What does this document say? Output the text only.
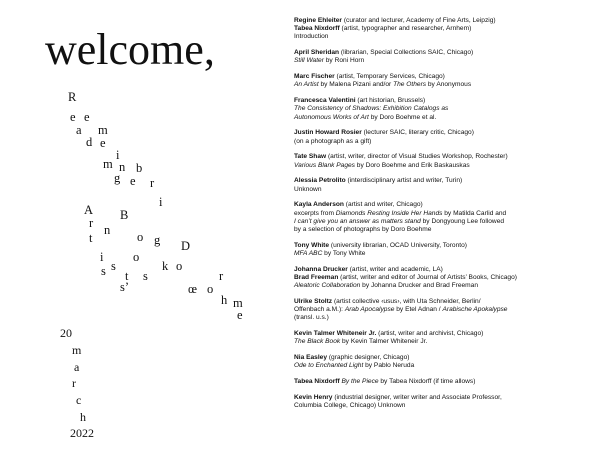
welcome,
R
e e
a m
d e
i
m n b
g e r
A
i
r
B
n
t	o g D
i o
s	k o
s t s	r
s’	o
œ
h m
e
20
m
a
r
c
h
2022
Regine Ehleiter (curator and lecturer, Academy of Fine Arts, Leipzig)
Tabea Nixdorff (artist, typographer and researcher, Arnhem)
Introduction
April Sheridan (librarian, Special Collections SAIC, Chicago)
Still Water by Roni Horn
Marc Fischer (artist, Temporary Services, Chicago)
An Artist by Malena Pizani and/or The Others by Anonymous
Francesca Valentini (art historian, Brussels)
The Consistency of Shadows: Exhibition Catalogs as
Autonomous Works of Art by Doro Boehme et al.
Justin Howard Rosier (lecturer SAIC, literary critic, Chicago)
(on a photograph as a gift)
Tate Shaw (artist, writer, director of Visual Studies Workshop, Rochester)
Various Blank Pages by Doro Boehme and Erik Baskauskas
Alessia Petrolito (interdisciplinary artist and writer, Turin)
Unknown
Kayla Anderson (artist and writer, Chicago)
excerpts from Diamonds Resting Inside Her Hands by Matilda Carlid and
I can’t give you an answer as matters stand by Dongyoung Lee followed
by a selection of photographs by Doro Boehme
Tony White (university librarian, OCAD University, Toronto)
MFA ABC by Tony White
Johanna Drucker (artist, writer and academic, LA)
Brad Freeman (artist, writer and editor of Journal of Artists’ Books, Chicago)
Aleatoric Collaboration by Johanna Drucker and Brad Freeman
Ulrike Stoltz (artist collective ‹usus›, with Uta Schneider, Berlin/
Offenbach a.M.): Arab Apocalypse by Etel Adnan / Arabische Apokalypse
(transl. u.s.)
Kevin Talmer Whiteneir Jr. (artist, writer and archivist, Chicago)
The Black Book by Kevin Talmer Whiteneir Jr.
Nia Easley (graphic designer, Chicago)
Ode to Enchanted Light by Pablo Neruda
Tabea Nixdorff By the Piece by Tabea Nixdorff (if time allows)
Kevin Henry (industrial designer, writer writer and Associate Professor,
Columbia College, Chicago) Unknown
